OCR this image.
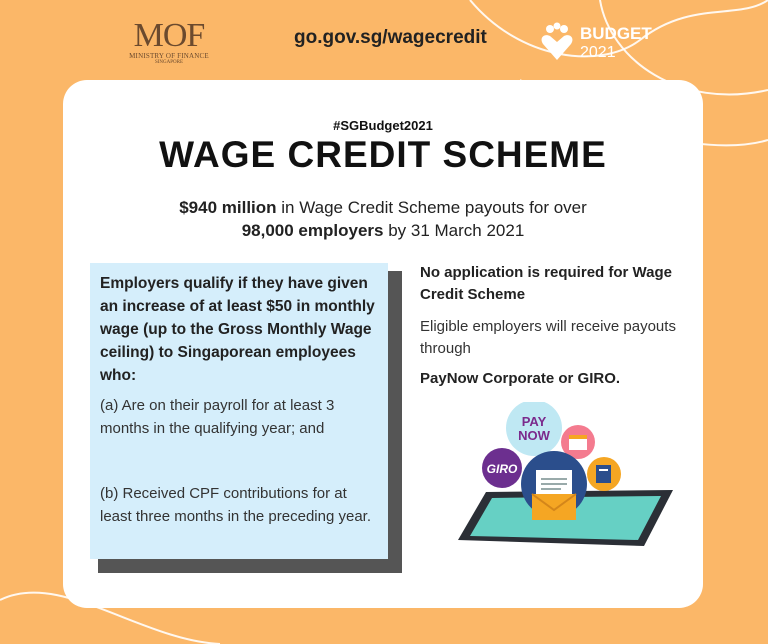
MOF
MINISTRY OF FINANCE
SINGAPORE
go.gov.sg/wagecredit	BUDGET
2021
#SGBudget2021
WAGE CREDIT SCHEME
$940 million in Wage Credit Scheme payouts for over
98,000 employers by 31 March 2021
Employers qualify if they have given an increase of at least $50 in monthly wage (up to the Gross Monthly Wage ceiling) to Singaporean employees who:
(a) Are on their payroll for at least 3 months in the qualifying year; and
(b) Received CPF contributions for at least three months in the preceding year.
No application is required for Wage Credit Scheme
Eligible employers will receive payouts through
PayNow Corporate or GIRO.
PAY
NOW
GIRO
